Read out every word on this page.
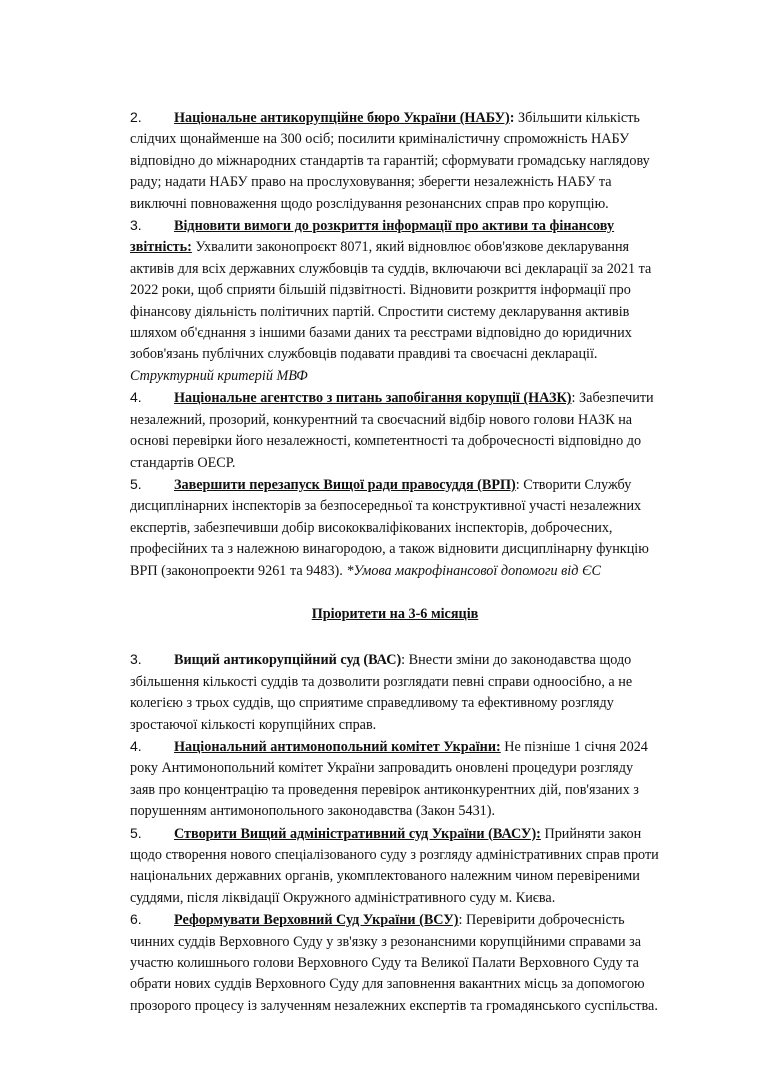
2. Національне антикорупційне бюро України (НАБУ): Збільшити кількість слідчих щонайменше на 300 осіб; посилити криміналістичну спроможність НАБУ відповідно до міжнародних стандартів та гарантій; сформувати громадську наглядову раду; надати НАБУ право на прослуховування; зберегти незалежність НАБУ та виключні повноваження щодо розслідування резонансних справ про корупцію.

3. Відновити вимоги до розкриття інформації про активи та фінансову звітність: Ухвалити законопроєкт 8071, який відновлює обов'язкове декларування активів для всіх державних службовців та суддів, включаючи всі декларації за 2021 та 2022 роки, щоб сприяти більшій підзвітності. Відновити розкриття інформації про фінансову діяльність політичних партій. Спростити систему декларування активів шляхом об'єднання з іншими базами даних та реєстрами відповідно до юридичних зобов'язань публічних службовців подавати правдиві та своєчасні декларації.

Структурний критерій МВФ

4. Національне агентство з питань запобігання корупції (НАЗК): Забезпечити незалежний, прозорий, конкурентний та своєчасний відбір нового голови НАЗК на основі перевірки його незалежності, компетентності та доброчесності відповідно до стандартів ОЕСР.

5. Завершити перезапуск Вищої ради правосуддя (ВРП): Створити Службу дисциплінарних інспекторів за безпосередньої та конструктивної участі незалежних експертів, забезпечивши добір висококваліфікованих інспекторів, доброчесних, професійних та з належною винагородою, а також відновити дисциплінарну функцію ВРП (законопроекти 9261 та 9483). *Умова макрофінансової допомоги від ЄС

Пріоритети на 3-6 місяців

3. Вищий антикорупційний суд (ВАС): Внести зміни до законодавства щодо збільшення кількості суддів та дозволити розглядати певні справи одноосібно, а не колегією з трьох суддів, що сприятиме справедливому та ефективному розгляду зростаючої кількості корупційних справ.

4. Національний антимонопольний комітет України: Не пізніше 1 січня 2024 року Антимонопольний комітет України запровадить оновлені процедури розгляду заяв про концентрацію та проведення перевірок антиконкурентних дій, пов'язаних з порушенням антимонопольного законодавства (Закон 5431).

5. Створити Вищий адміністративний суд України (ВАСУ): Прийняти закон щодо створення нового спеціалізованого суду з розгляду адміністративних справ проти національних державних органів, укомплектованого належним чином перевіреними суддями, після ліквідації Окружного адміністративного суду м. Києва.

6. Реформувати Верховний Суд України (ВСУ): Перевірити доброчесність чинних суддів Верховного Суду у зв'язку з резонансними корупційними справами за участю колишнього голови Верховного Суду та Великої Палати Верховного Суду та обрати нових суддів Верховного Суду для заповнення вакантних місць за допомогою прозорого процесу із залученням незалежних експертів та громадянського суспільства.
